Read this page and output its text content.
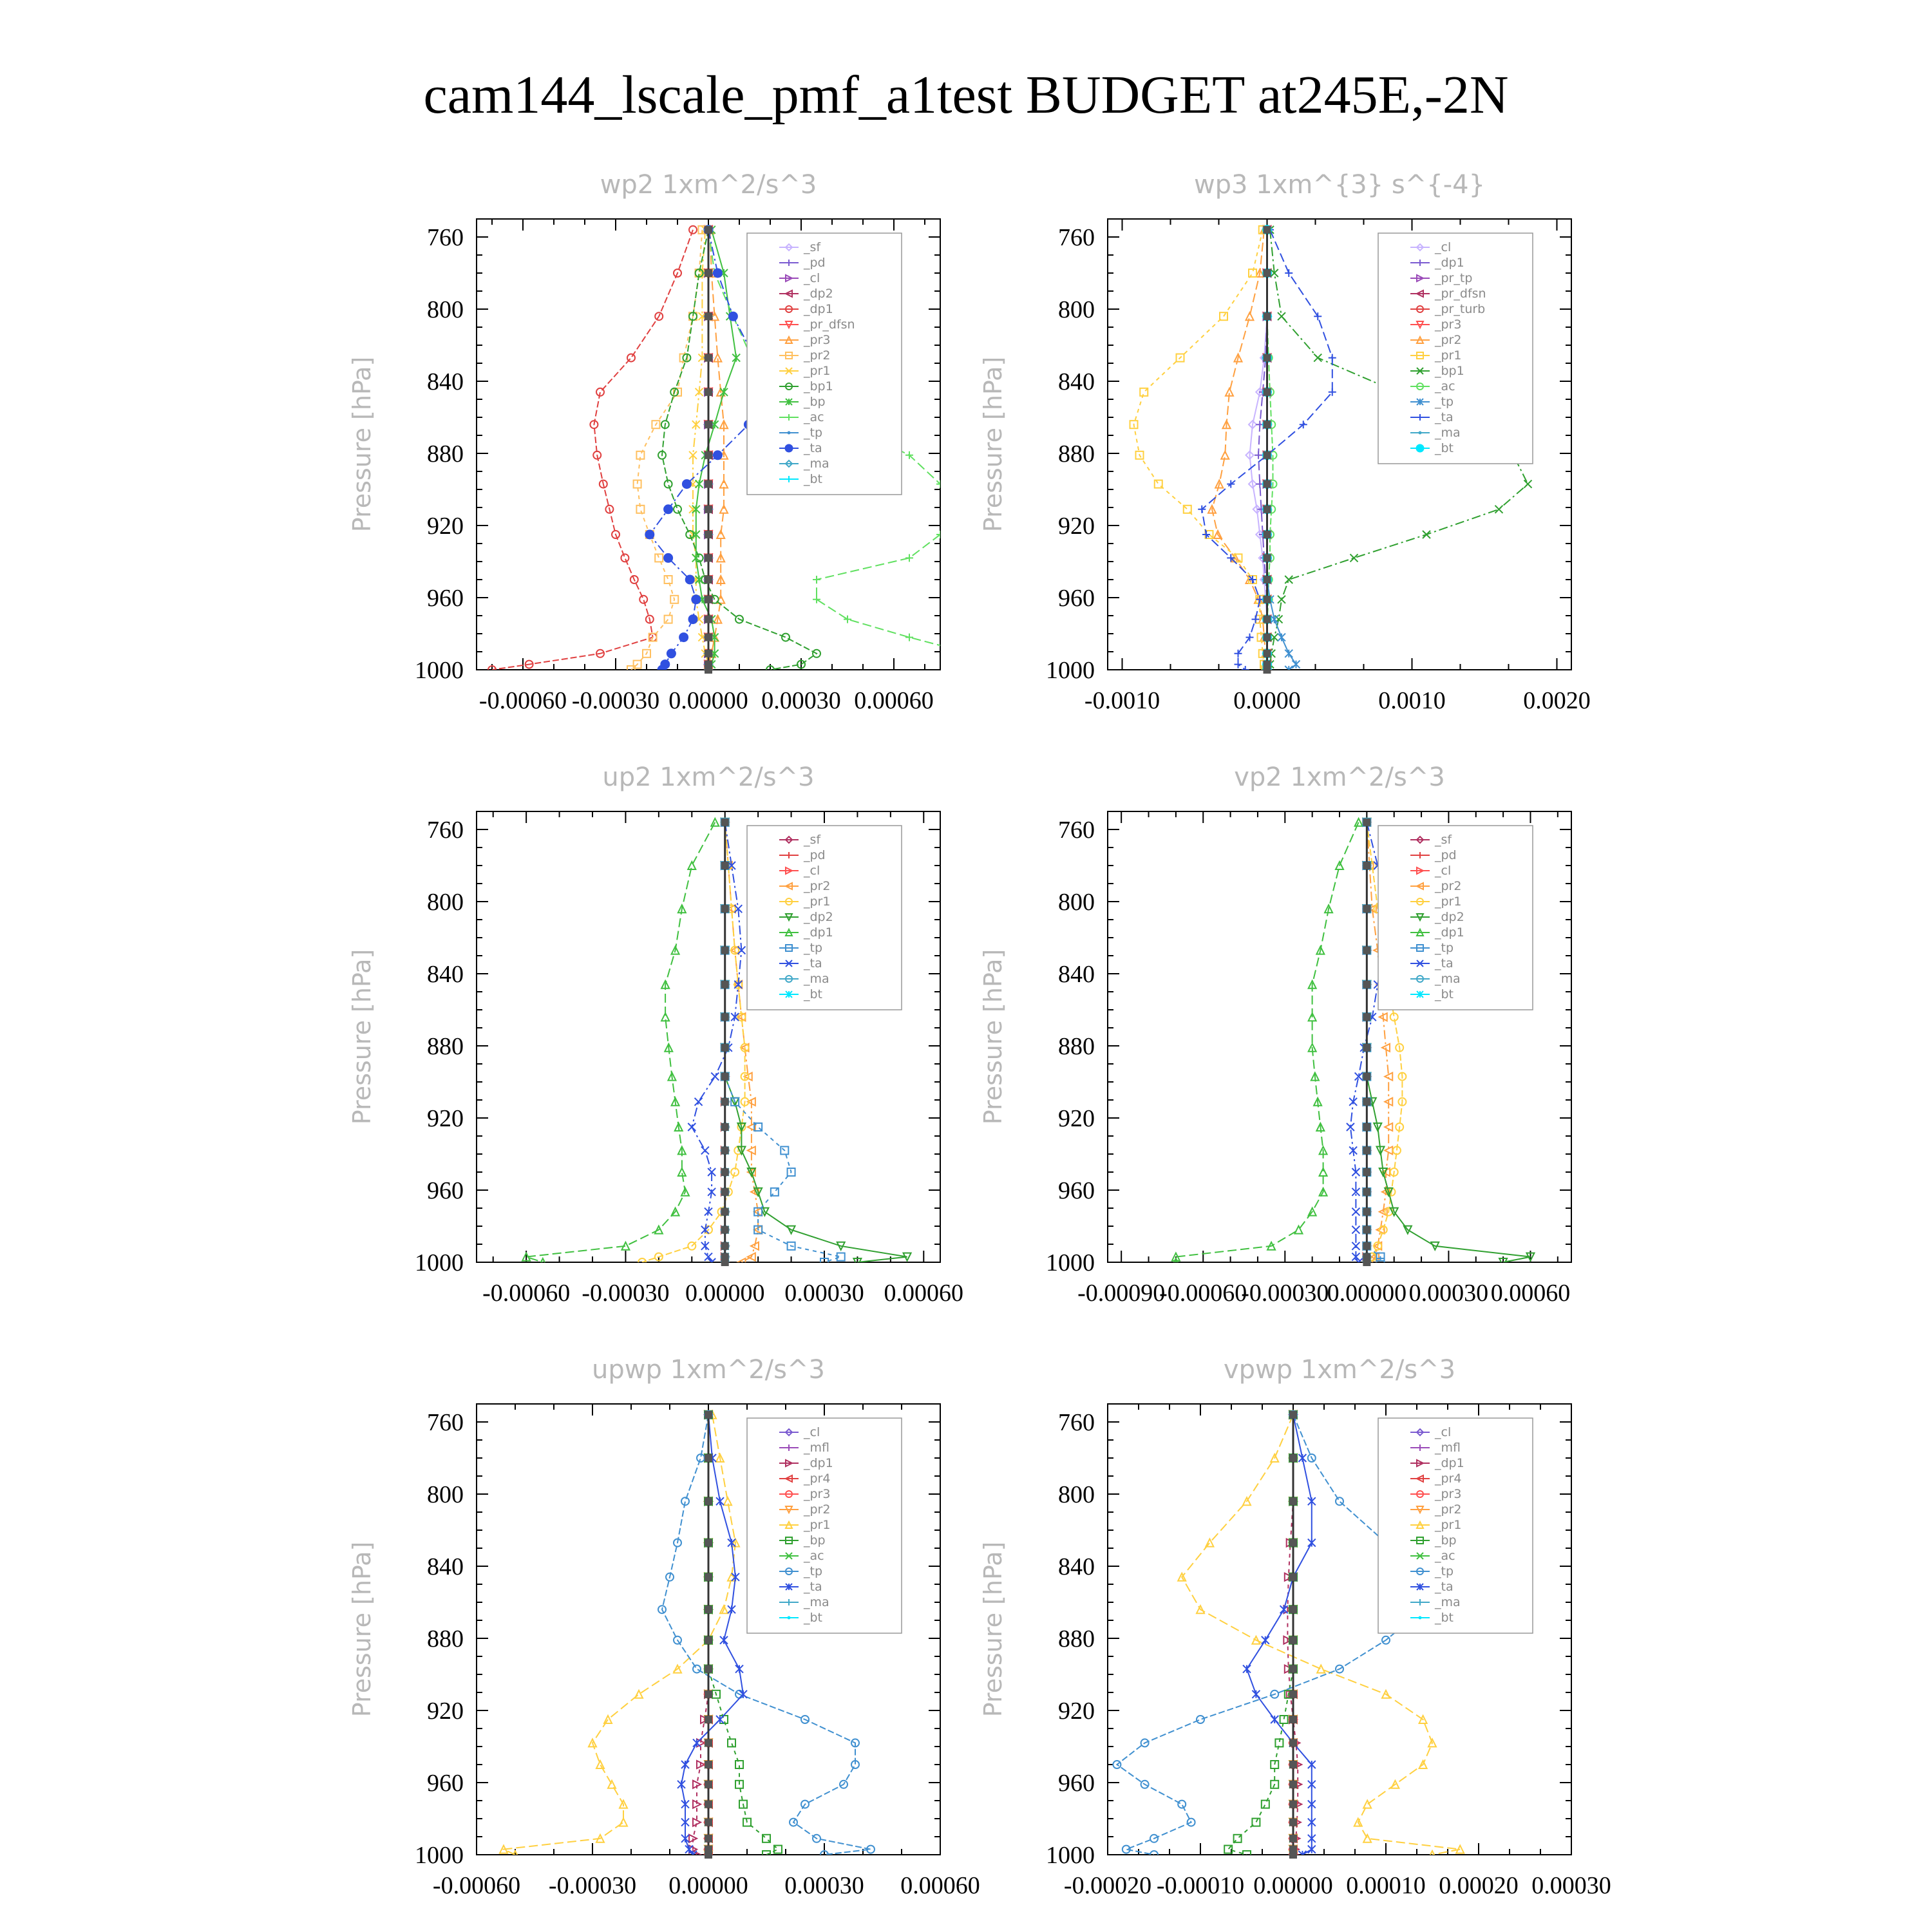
cam144_lscale_pmf_a1test BUDGET at245E,-2N
wp2 1xm^2/s^3
Pressure [hPa]
760
800
840
880
920
960
1000
-0.00060 -0.00030 0.00000 0.00030 0.00060
_sf
_pd
_cl
_dp2
_dp1
_pr_dfsn
_pr3
_pr2
_pr1
_bp1
_bp
_ac
_tp
_ta
_ma
_bt
wp3 1xm^{3} s^{-4}
Pressure [hPa]
760
800
840
880
920
960
1000
-0.0010	0.0000	0.0010	0.0020
_cl
_dp1
_pr_tp
_pr_dfsn
_pr_turb
_pr3
_pr2
_pr1
_bp1
_ac
_tp
_ta
_ma
_bt
up2 1xm^2/s^3
Pressure [hPa]
760
800
840
880
920
960
1000
-0.00060 -0.00030 0.00000 0.00030 0.00060
_sf
_pd
_cl
_pr2
_pr1
_dp2
_dp1
_tp
_ta
_ma
_bt
vp2 1xm^2/s^3
Pressure [hPa]
760
800
840
880
920
960
1000
-0.00090
-0.00060
-0.00030
0.00000 0.00030 0.00060
_sf
_pd
_cl
_pr2
_pr1
_dp2
_dp1
_tp
_ta
_ma
_bt
upwp 1xm^2/s^3
Pressure [hPa]
760
800
840
880
920
960
1000
-0.00060 -0.00030 0.00000 0.00030 0.00060
_cl
_mfl
_dp1
_pr4
_pr3
_pr2
_pr1
_bp
_ac
_tp
_ta
_ma
_bt
vpwp 1xm^2/s^3
Pressure [hPa]
760
800
840
880
920
960
1000
-0.00020 -0.00010 0.00000 0.00010 0.00020 0.00030
_cl
_mfl
_dp1
_pr4
_pr3
_pr2
_pr1
_bp
_ac
_tp
_ta
_ma
_bt
